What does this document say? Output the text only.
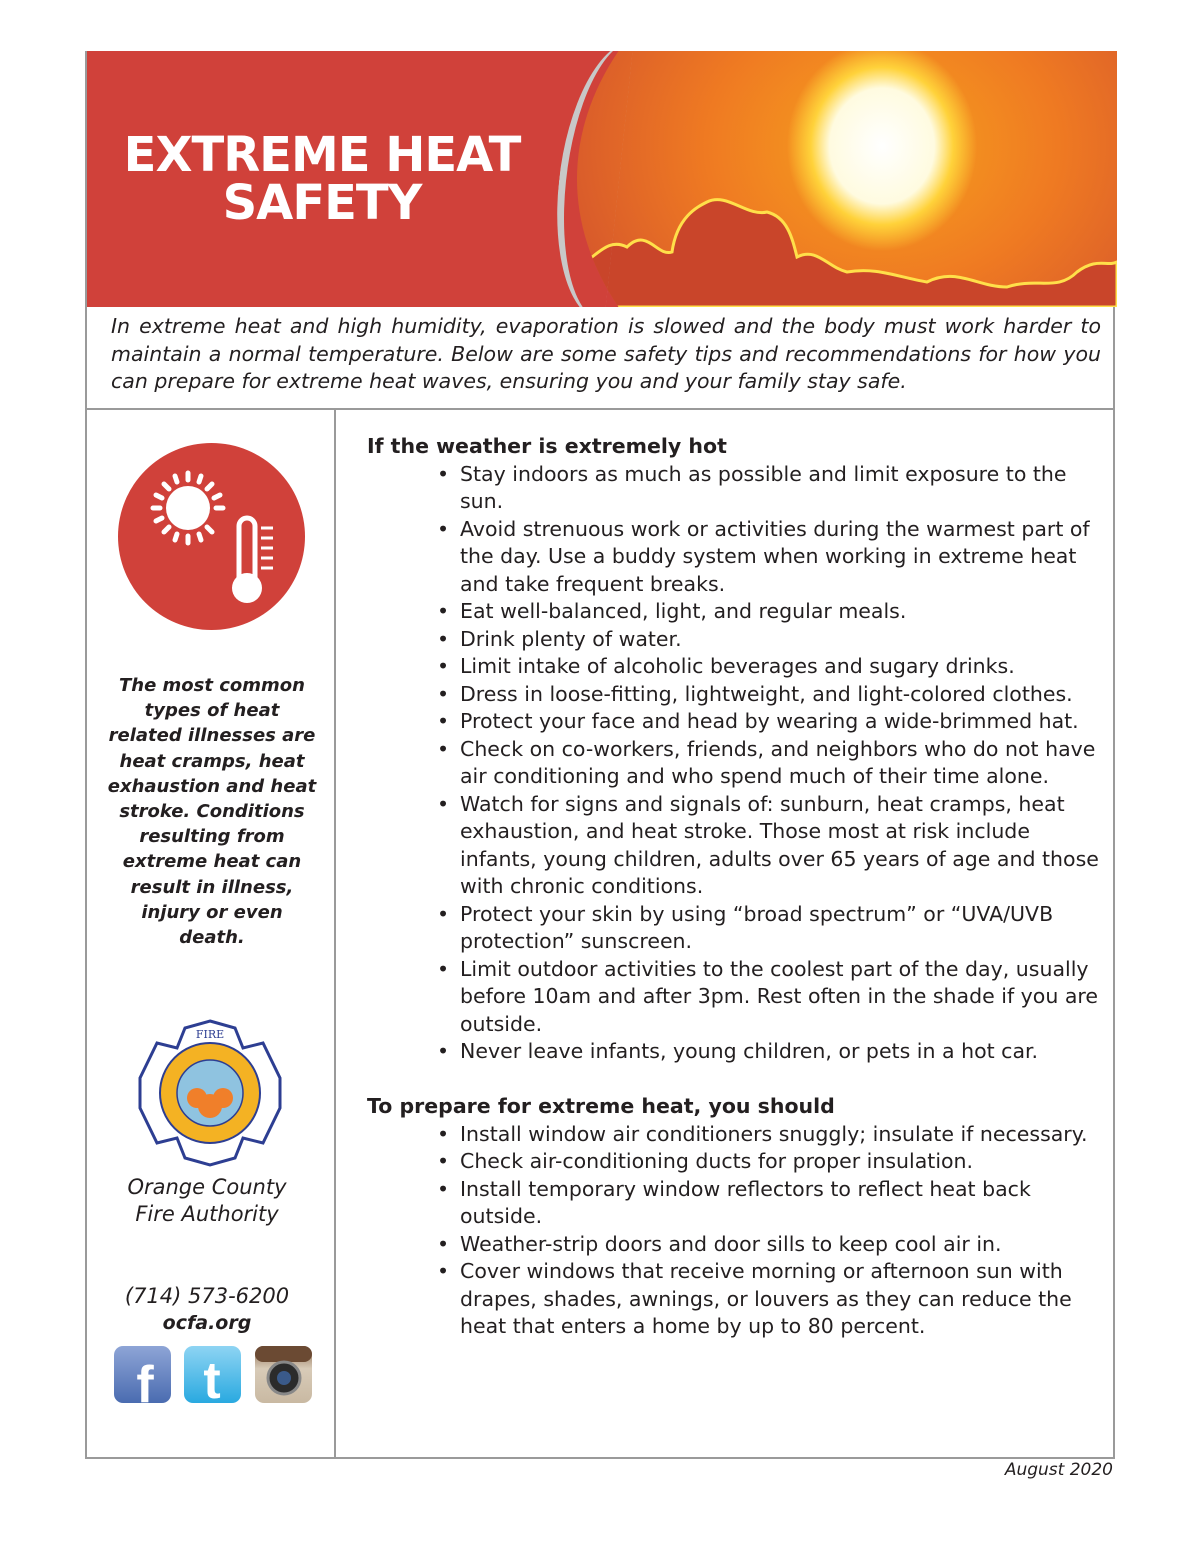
EXTREME HEAT
SAFETY

In extreme heat and high humidity, evaporation is slowed and the body must work harder to maintain a normal temperature. Below are some safety tips and recommendations for how you can prepare for extreme heat waves, ensuring you and your family stay safe.

The most common types of heat related illnesses are heat cramps, heat exhaustion and heat stroke. Conditions resulting from extreme heat can result in illness, injury or even death.

FIRE
Orange County
Fire Authority
(714) 573-6200
ocfa.org
f t
If the weather is extremely hot
• Stay indoors as much as possible and limit exposure to the sun.
• Avoid strenuous work or activities during the warmest part of the day. Use a buddy system when working in extreme heat and take frequent breaks.
• Eat well-balanced, light, and regular meals.
• Drink plenty of water.
• Limit intake of alcoholic beverages and sugary drinks.
• Dress in loose-fitting, lightweight, and light-colored clothes.
• Protect your face and head by wearing a wide-brimmed hat.
• Check on co-workers, friends, and neighbors who do not have air conditioning and who spend much of their time alone.
• Watch for signs and signals of: sunburn, heat cramps, heat exhaustion, and heat stroke. Those most at risk include infants, young children, adults over 65 years of age and those with chronic conditions.
• Protect your skin by using “broad spectrum” or “UVA/UVB protection” sunscreen.
• Limit outdoor activities to the coolest part of the day, usually before 10am and after 3pm. Rest often in the shade if you are outside.
• Never leave infants, young children, or pets in a hot car.
To prepare for extreme heat, you should
• Install window air conditioners snuggly; insulate if necessary.
• Check air-conditioning ducts for proper insulation.
• Install temporary window reflectors to reflect heat back outside.
• Weather-strip doors and door sills to keep cool air in.
• Cover windows that receive morning or afternoon sun with drapes, shades, awnings, or louvers as they can reduce the heat that enters a home by up to 80 percent.
August 2020
